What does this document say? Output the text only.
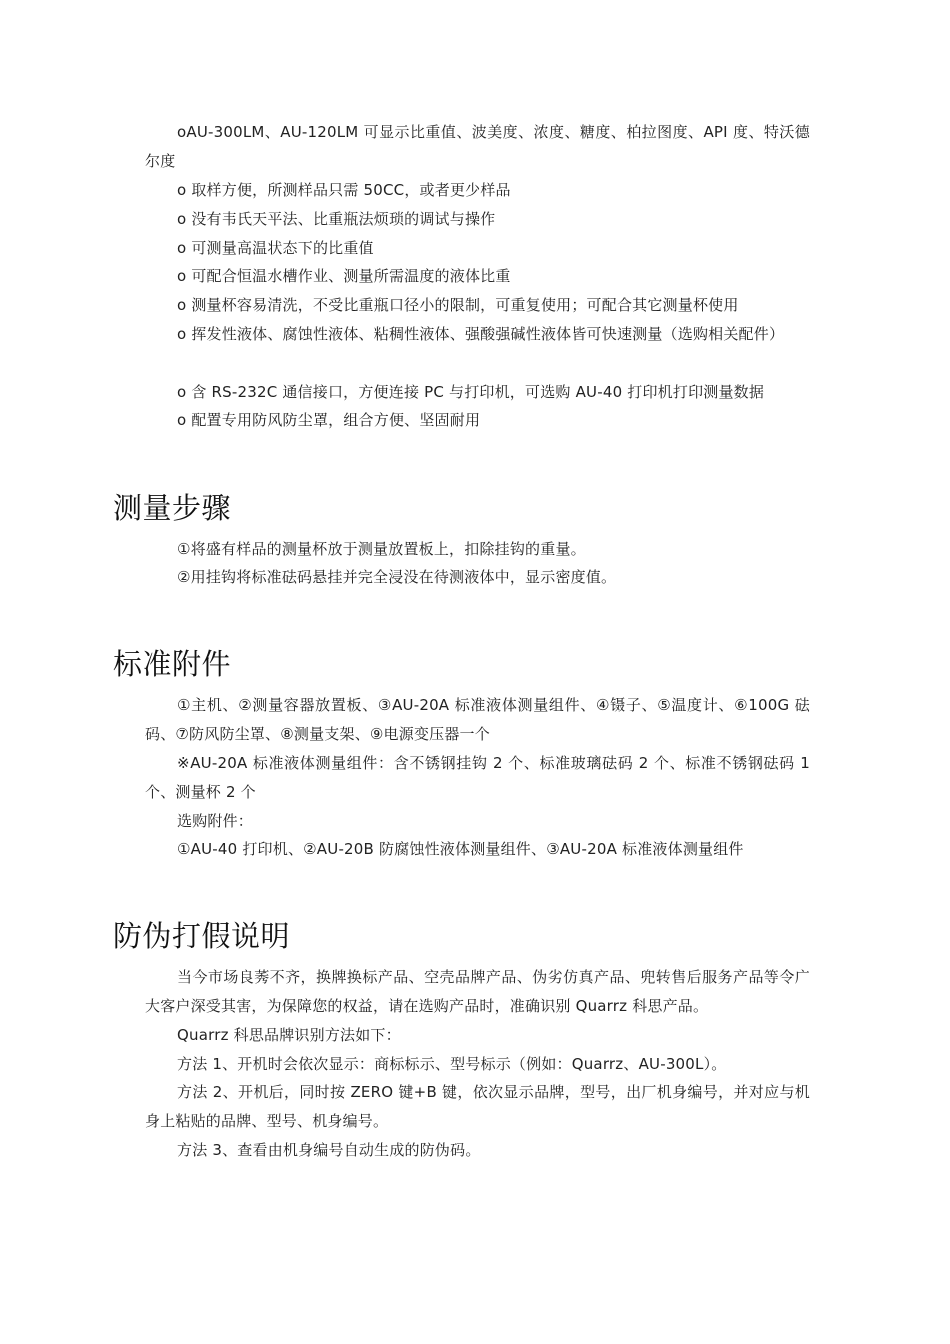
oAU-300LM、AU-120LM 可显示比重值、波美度、浓度、糖度、柏拉图度、API 度、特沃德尔度
o 取样方便，所测样品只需 50CC，或者更少样品
o 没有韦氏天平法、比重瓶法烦琐的调试与操作
o 可测量高温状态下的比重值
o 可配合恒温水槽作业、测量所需温度的液体比重
o 测量杯容易清洗，不受比重瓶口径小的限制，可重复使用；可配合其它测量杯使用
o 挥发性液体、腐蚀性液体、粘稠性液体、强酸强碱性液体皆可快速测量（选购相关配件）
o 含 RS-232C 通信接口，方便连接 PC 与打印机，可选购 AU-40 打印机打印测量数据
o 配置专用防风防尘罩，组合方便、坚固耐用
测量步骤
①将盛有样品的测量杯放于测量放置板上，扣除挂钩的重量。
②用挂钩将标准砝码悬挂并完全浸没在待测液体中，显示密度值。
标准附件
①主机、②测量容器放置板、③AU-20A 标准液体测量组件、④镊子、⑤温度计、⑥100G 砝码、⑦防风防尘罩、⑧测量支架、⑨电源变压器一个
※AU-20A 标准液体测量组件：含不锈钢挂钩 2 个、标准玻璃砝码 2 个、标准不锈钢砝码 1 个、测量杯 2 个
选购附件：
①AU-40 打印机、②AU-20B 防腐蚀性液体测量组件、③AU-20A 标准液体测量组件
防伪打假说明
当今市场良莠不齐，换牌换标产品、空壳品牌产品、伪劣仿真产品、兜转售后服务产品等令广大客户深受其害，为保障您的权益，请在选购产品时，准确识别 Quarrz 科思产品。
Quarrz 科思品牌识别方法如下：
方法 1、开机时会依次显示：商标标示、型号标示（例如：Quarrz、AU-300L）。
方法 2、开机后，同时按 ZERO 键+B 键，依次显示品牌，型号，出厂机身编号，并对应与机身上粘贴的品牌、型号、机身编号。
方法 3、查看由机身编号自动生成的防伪码。
